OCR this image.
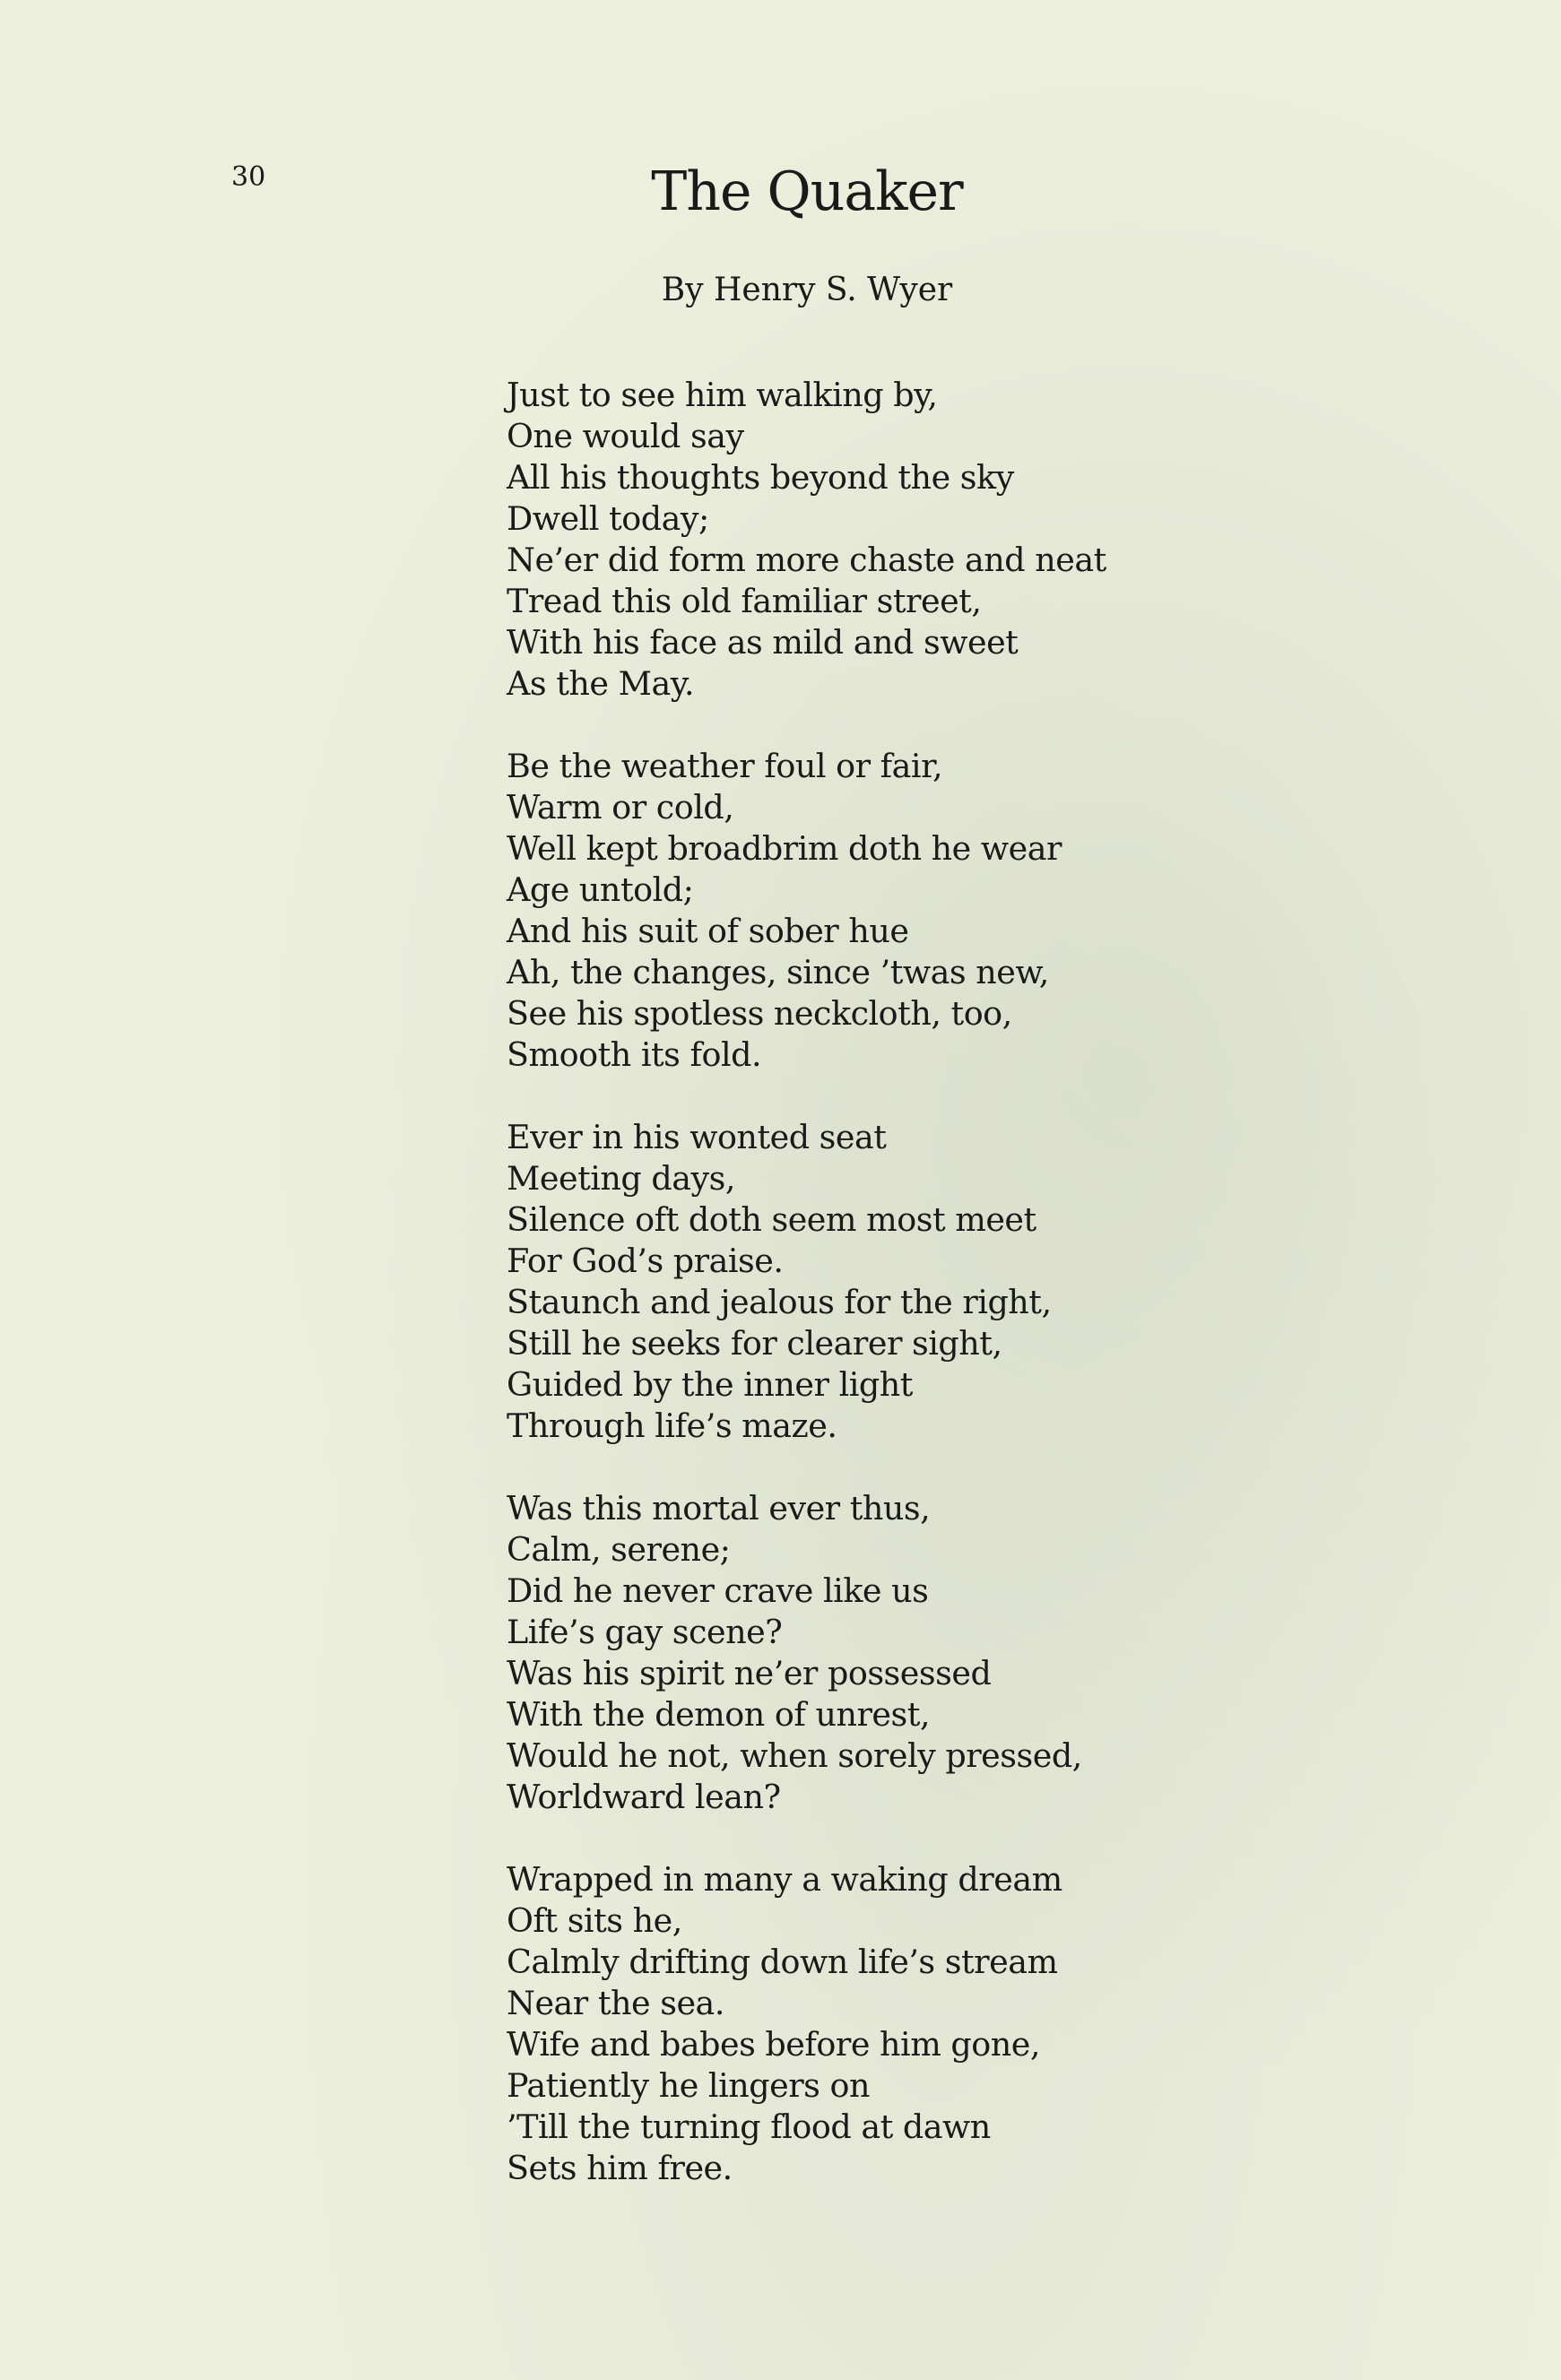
30	The Quaker
By Henry S. Wyer
Just to see him walking by,
One would say
All his thoughts beyond the sky
Dwell today;
Ne’er did form more chaste and neat
Tread this old familiar street,
With his face as mild and sweet
As the May.
Be the weather foul or fair,
Warm or cold,
Well kept broadbrim doth he wear
Age untold;
And his suit of sober hue
Ah, the changes, since ’twas new,
See his spotless neckcloth, too,
Smooth its fold.
Ever in his wonted seat
Meeting days,
Silence oft doth seem most meet
For God’s praise.
Staunch and jealous for the right,
Still he seeks for clearer sight,
Guided by the inner light
Through life’s maze.
Was this mortal ever thus,
Calm, serene;
Did he never crave like us
Life’s gay scene?
Was his spirit ne’er possessed
With the demon of unrest,
Would he not, when sorely pressed,
Worldward lean?
Wrapped in many a waking dream
Oft sits he,
Calmly drifting down life’s stream
Near the sea.
Wife and babes before him gone,
Patiently he lingers on
’Till the turning flood at dawn
Sets him free.
